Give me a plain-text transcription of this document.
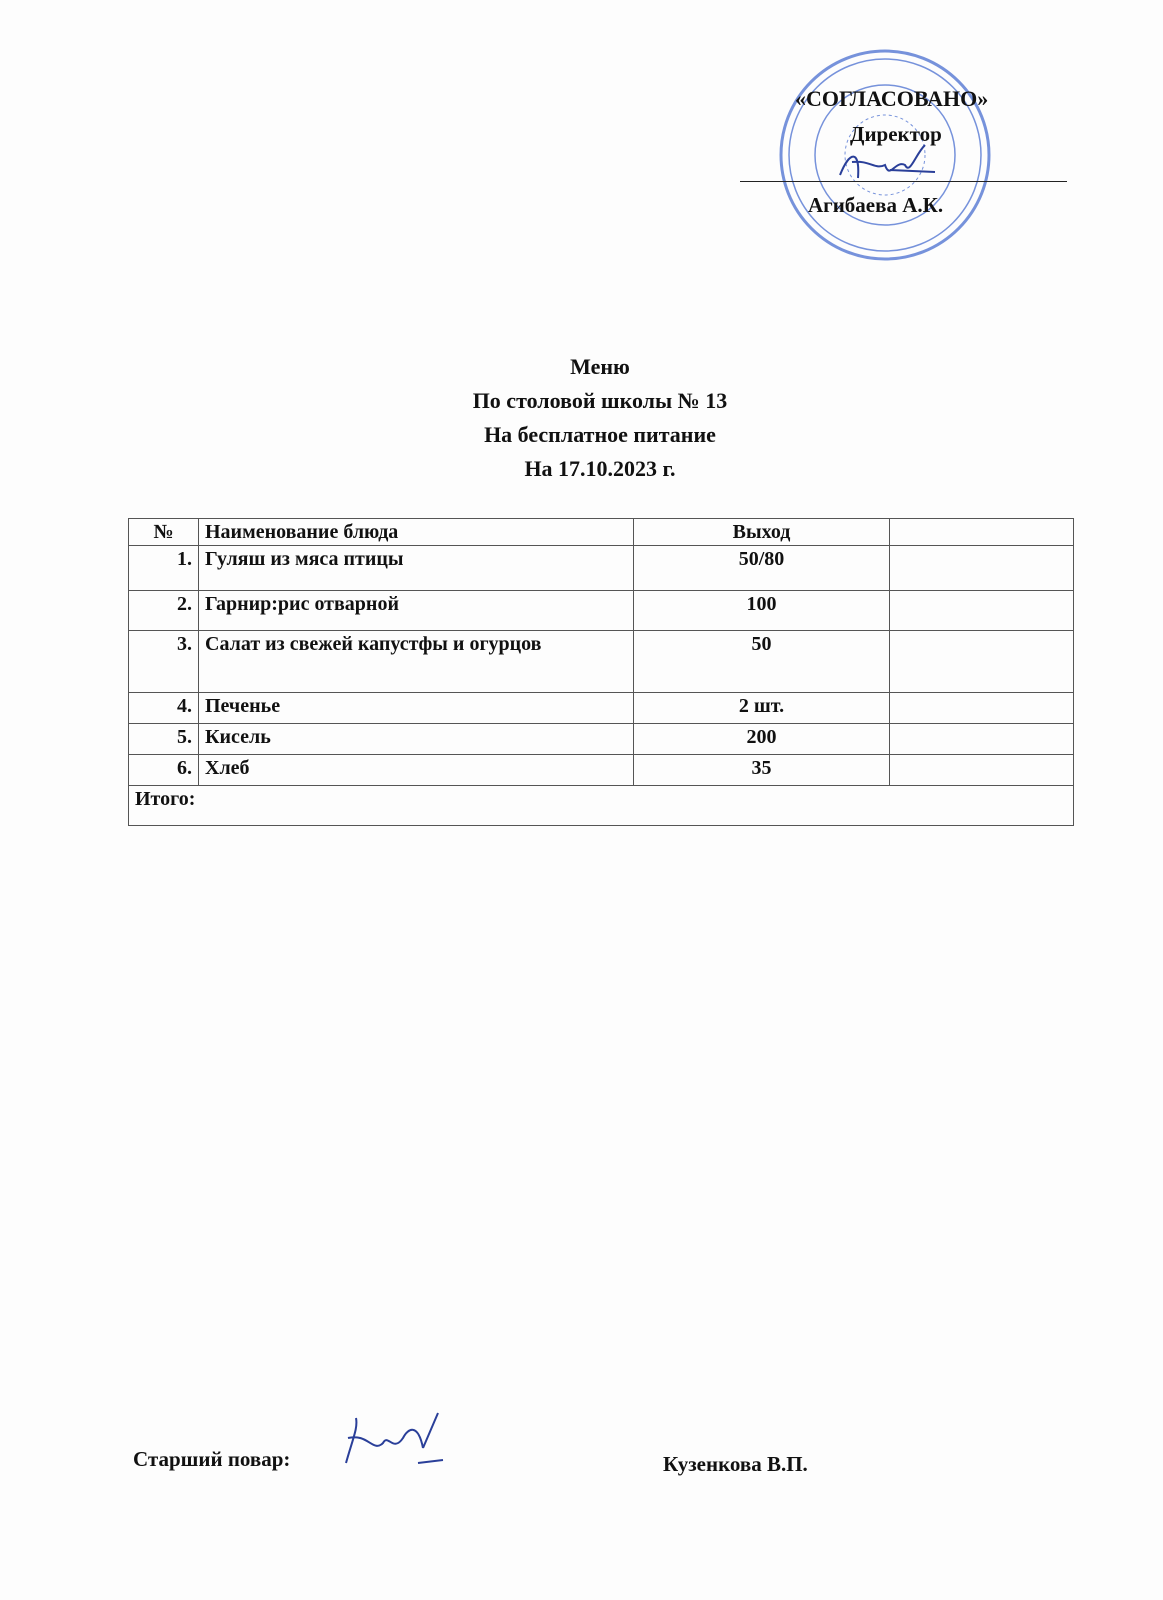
«СОГЛАСОВАНО»
Директор
Агибаева А.К.
Меню
По столовой школы № 13
На бесплатное питание
На 17.10.2023 г.
№	Наименование блюда	Выход	
1.	Гуляш из мяса птицы	50/80	
2.	Гарнир:рис отварной	100	
3.	Салат из свежей капустфы и огурцов	50	
4.	Печенье	2 шт.	
5.	Кисель	200	
6.	Хлеб	35	
Итого:			
Старший повар:	Кузенкова В.П.
